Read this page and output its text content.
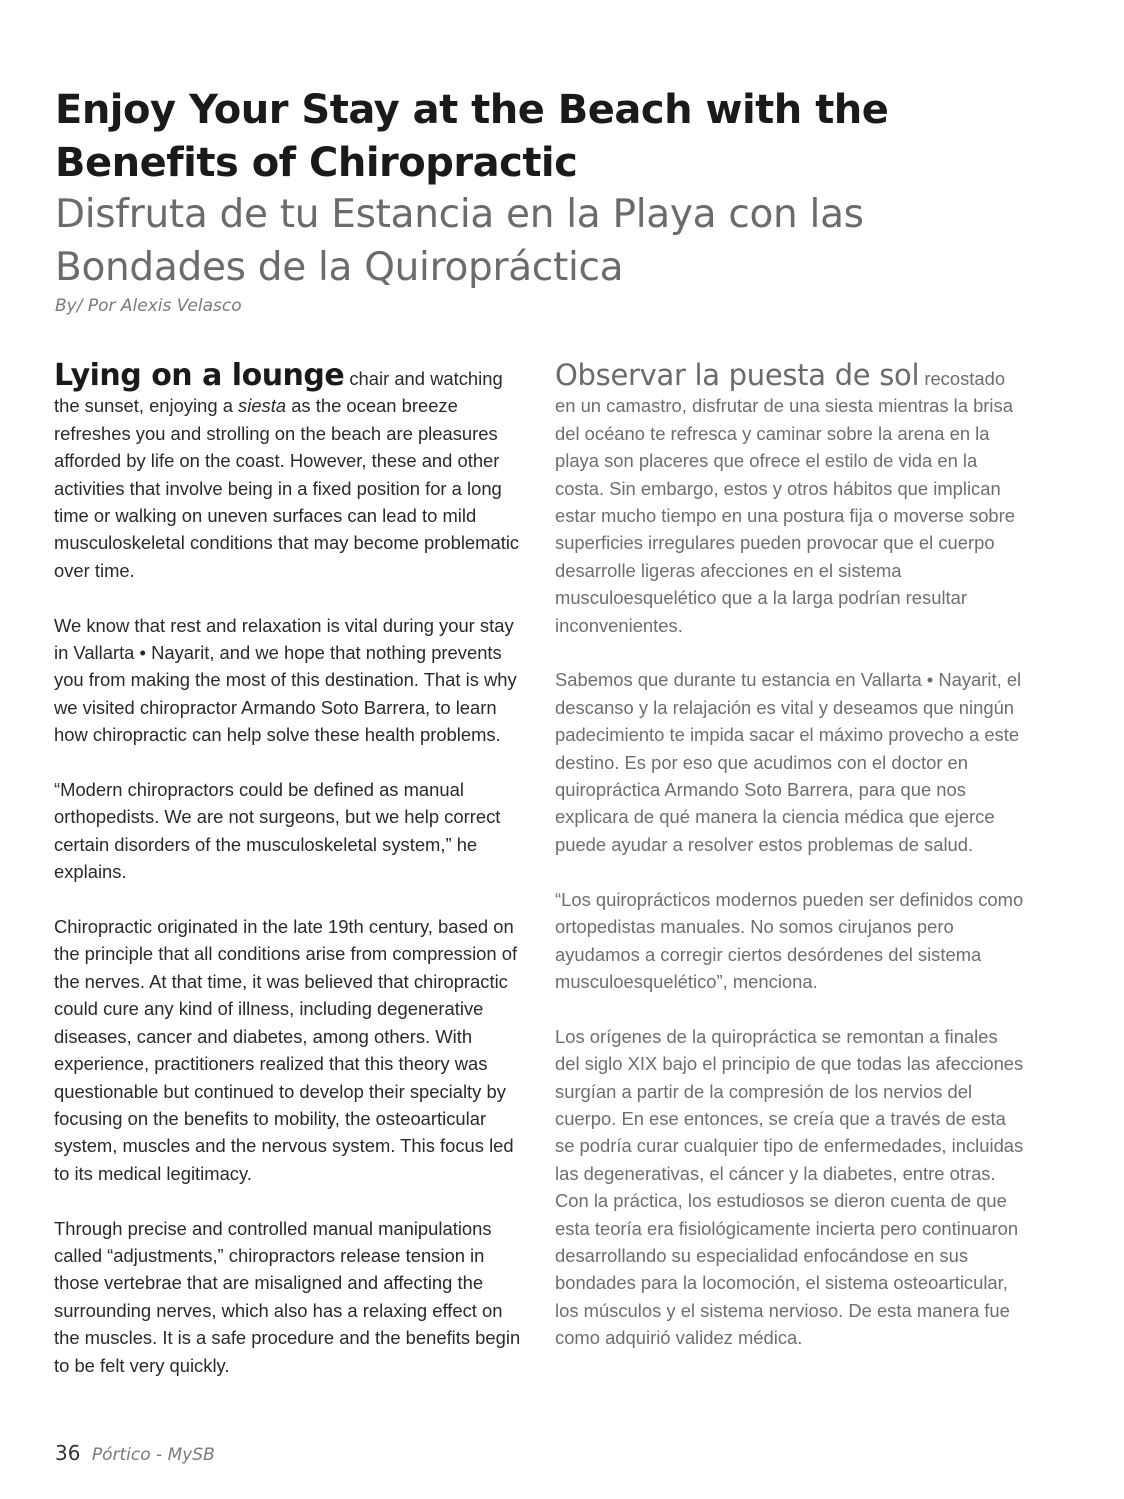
Enjoy Your Stay at the Beach with the Benefits of Chiropractic
Disfruta de tu Estancia en la Playa con las Bondades de la Quiropráctica
By/ Por Alexis Velasco

Lying on a lounge chair and watching the sunset, enjoying a siesta as the ocean breeze refreshes you and strolling on the beach are pleasures afforded by life on the coast. However, these and other activities that involve being in a fixed position for a long time or walking on uneven surfaces can lead to mild musculoskeletal conditions that may become problematic over time.

We know that rest and relaxation is vital during your stay in Vallarta • Nayarit, and we hope that nothing prevents you from making the most of this destination. That is why we visited chiropractor Armando Soto Barrera, to learn how chiropractic can help solve these health problems.

“Modern chiropractors could be defined as manual orthopedists. We are not surgeons, but we help correct certain disorders of the musculoskeletal system,” he explains.

Chiropractic originated in the late 19th century, based on the principle that all conditions arise from compression of the nerves. At that time, it was believed that chiropractic could cure any kind of illness, including degenerative diseases, cancer and diabetes, among others. With experience, practitioners realized that this theory was questionable but continued to develop their specialty by focusing on the benefits to mobility, the osteoarticular system, muscles and the nervous system. This focus led to its medical legitimacy.

Through precise and controlled manual manipulations called “adjustments,” chiropractors release tension in those vertebrae that are misaligned and affecting the surrounding nerves, which also has a relaxing effect on the muscles. It is a safe procedure and the benefits begin to be felt very quickly.

Observar la puesta de sol recostado en un camastro, disfrutar de una siesta mientras la brisa del océano te refresca y caminar sobre la arena en la playa son placeres que ofrece el estilo de vida en la costa. Sin embargo, estos y otros hábitos que implican estar mucho tiempo en una postura fija o moverse sobre superficies irregulares pueden provocar que el cuerpo desarrolle ligeras afecciones en el sistema musculoesquelético que a la larga podrían resultar inconvenientes.

Sabemos que durante tu estancia en Vallarta • Nayarit, el descanso y la relajación es vital y deseamos que ningún padecimiento te impida sacar el máximo provecho a este destino. Es por eso que acudimos con el doctor en quiropráctica Armando Soto Barrera, para que nos explicara de qué manera la ciencia médica que ejerce puede ayudar a resolver estos problemas de salud.

“Los quiroprácticos modernos pueden ser definidos como ortopedistas manuales. No somos cirujanos pero ayudamos a corregir ciertos desórdenes del sistema musculoesquelético”, menciona.

Los orígenes de la quiropráctica se remontan a finales del siglo XIX bajo el principio de que todas las afecciones surgían a partir de la compresión de los nervios del cuerpo. En ese entonces, se creía que a través de esta se podría curar cualquier tipo de enfermedades, incluidas las degenerativas, el cáncer y la diabetes, entre otras. Con la práctica, los estudiosos se dieron cuenta de que esta teoría era fisiológicamente incierta pero continuaron desarrollando su especialidad enfocándose en sus bondades para la locomoción, el sistema osteoarticular, los músculos y el sistema nervioso. De esta manera fue como adquirió validez médica.

36 Pórtico - MySB
